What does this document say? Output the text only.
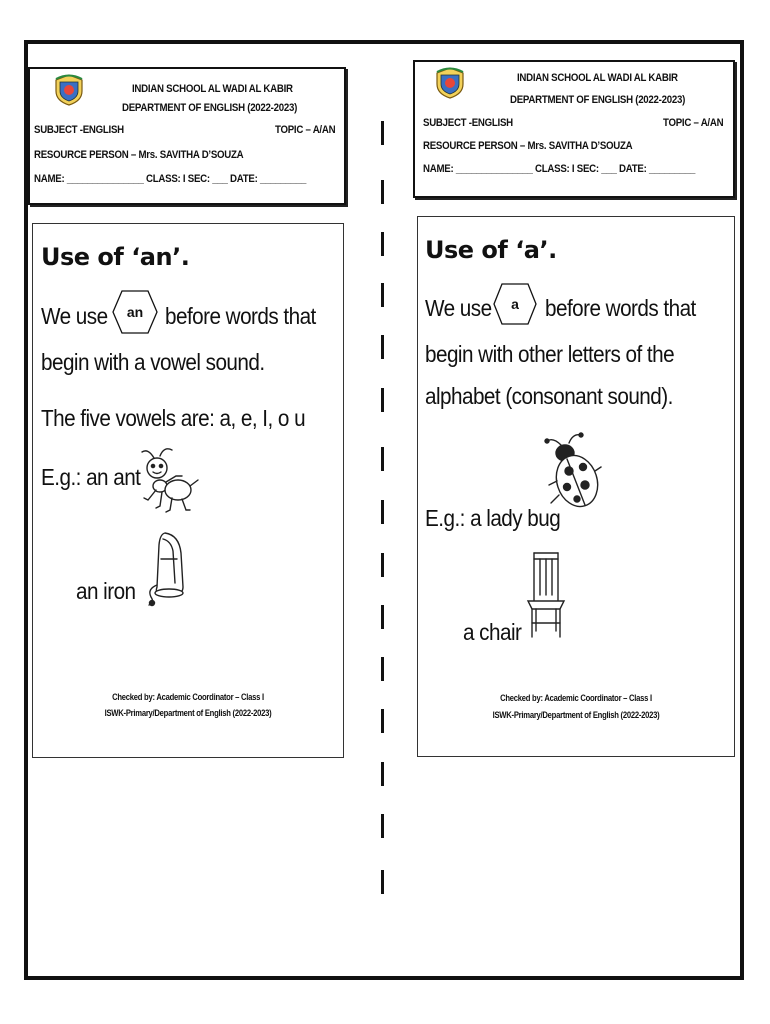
INDIAN SCHOOL AL WADI AL KABIR
DEPARTMENT OF ENGLISH (2022-2023)
SUBJECT -ENGLISH	TOPIC – A/AN
RESOURCE PERSON – Mrs. SAVITHA D’SOUZA
NAME: _______________ CLASS: I SEC: ___ DATE: _________
INDIAN SCHOOL AL WADI AL KABIR
DEPARTMENT OF ENGLISH (2022-2023)
SUBJECT -ENGLISH	TOPIC – A/AN
RESOURCE PERSON – Mrs. SAVITHA D’SOUZA
NAME: _______________ CLASS: I SEC: ___ DATE: _________
Use of ‘an’.
We use	an before words that
begin with a vowel sound.
The five vowels are: a, e, I, o u
E.g.: an ant
an iron
Checked by: Academic Coordinator – Class I
ISWK-Primary/Department of English (2022-2023)
Use of ‘a’.
We use	a	before words that
begin with other letters of the
alphabet (consonant sound).
E.g.: a lady bug
a chair
Checked by: Academic Coordinator – Class I
ISWK-Primary/Department of English (2022-2023)
